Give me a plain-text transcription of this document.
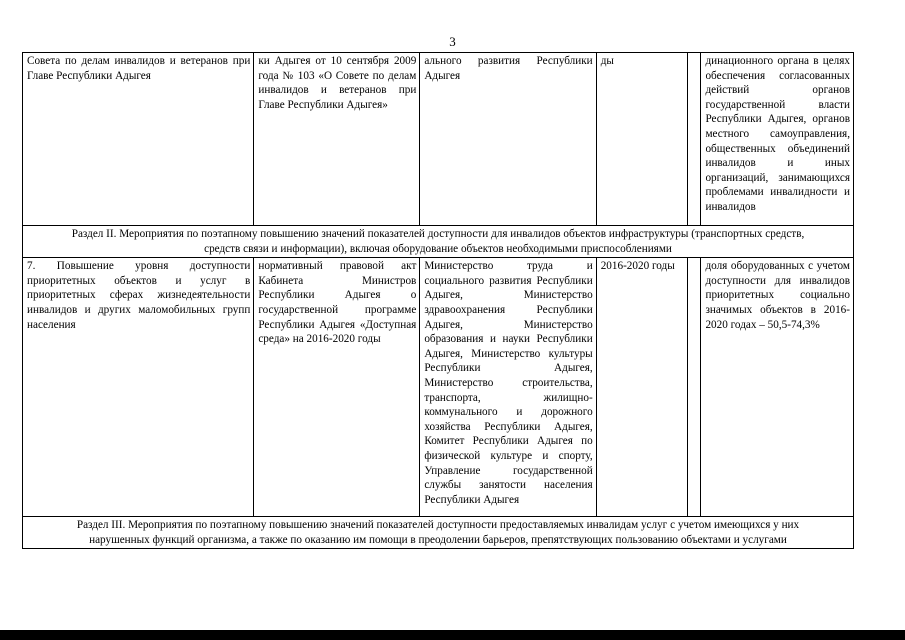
3
Совета по делам инвалидов и ветеранов при Главе Республики Адыгея	ки Адыгея от 10 сентября 2009 года № 103 «О Совете по делам инвалидов и ветеранов при Главе Республики Адыгея»	ального развития Республики Адыгея	ды		динационного органа в целях обеспечения согласованных действий органов государственной власти Республики Адыгея, органов местного самоуправления, общественных объединений инвалидов и иных организаций, занимающихся проблемами инвалидности и инвалидов
Раздел II. Мероприятия по поэтапному повышению значений показателей доступности для инвалидов объектов инфраструктуры (транспортных средств, средств связи и информации), включая оборудование объектов необходимыми приспособлениями					
7. Повышение уровня доступности приоритетных объектов и услуг в приоритетных сферах жизнедеятельности инвалидов и других маломобильных групп населения	нормативный правовой акт Кабинета Министров Республики Адыгея о государственной программе Республики Адыгея «Доступная среда» на 2016-2020 годы	Министерство труда и социального развития Республики Адыгея, Министерство здравоохранения Республики Адыгея, Министерство образования и науки Республики Адыгея, Министерство культуры Республики Адыгея, Министерство строительства, транспорта, жилищно-коммунального и дорожного хозяйства Республики Адыгея, Комитет Республики Адыгея по физической культуре и спорту, Управление государственной службы занятости населения Республики Адыгея	2016-2020 годы		доля оборудованных с учетом доступности для инвалидов приоритетных социально значимых объектов в 2016-2020 годах – 50,5-74,3%
Раздел III. Мероприятия по поэтапному повышению значений показателей доступности предоставляемых инвалидам услуг с учетом имеющихся у них нарушенных функций организма, а также по оказанию им помощи в преодолении барьеров, препятствующих пользованию объектами и услугами					
